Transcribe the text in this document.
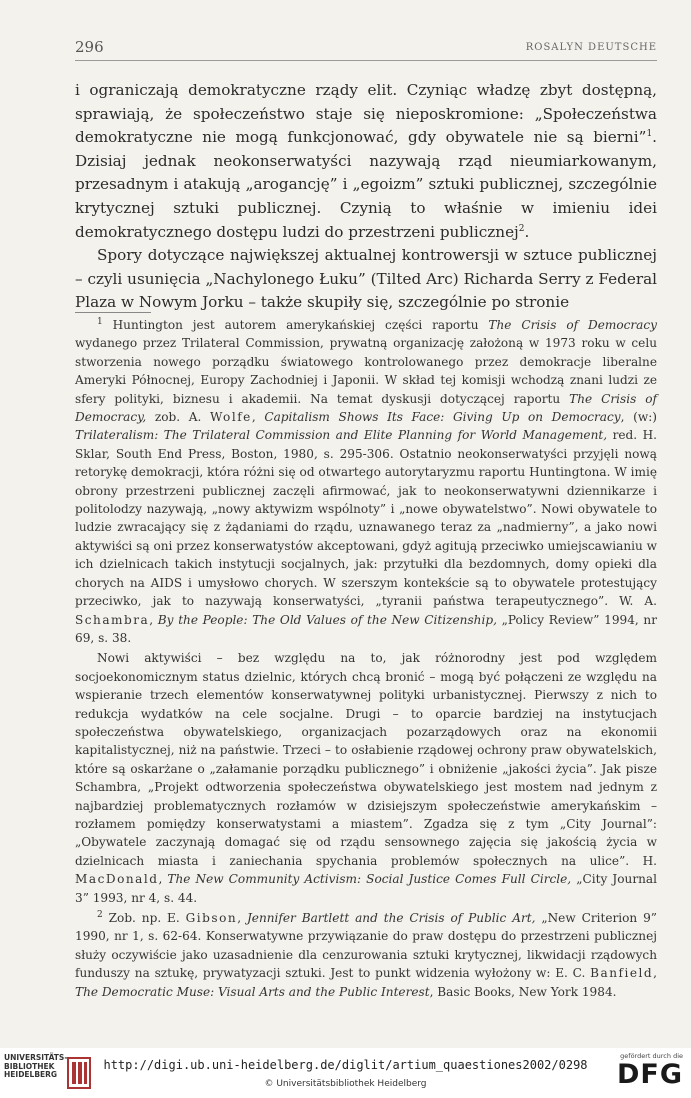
296	ROSALYN DEUTSCHE

i ograniczają demokratyczne rządy elit. Czyniąc władzę zbyt dostępną, sprawiają, że społeczeństwo staje się nieposkromione: „Społeczeństwa demokratyczne nie mogą funkcjonować, gdy obywatele nie są bierni”$^1$. Dzisiaj jednak neokonserwatyści nazywają rząd nieumiarkowanym, przesadnym i atakują „arogancję” i „egoizm” sztuki publicznej, szczególnie krytycznej sztuki publicznej. Czynią to właśnie w imieniu idei demokratycznego dostępu ludzi do przestrzeni publicznej$^2$.

Spory dotyczące największej aktualnej kontrowersji w sztuce publicznej – czyli usunięcia „Nachylonego Łuku” (Tilted Arc) Richarda Serry z Federal Plaza w Nowym Jorku – także skupiły się, szczególnie po stronie

$^1$ Huntington jest autorem amerykańskiej części raportu The Crisis of Democracy wydanego przez Trilateral Commission, prywatną organizację założoną w 1973 roku w celu stworzenia nowego porządku światowego kontrolowanego przez demokracje liberalne Ameryki Północnej, Europy Zachodniej i Japonii. W skład tej komisji wchodzą znani ludzi ze sfery polityki, biznesu i akademii. Na temat dyskusji dotyczącej raportu The Crisis of Democracy, zob. A. Wolfe, Capitalism Shows Its Face: Giving Up on Democracy, (w:) Trilateralism: The Trilateral Commission and Elite Planning for World Management, red. H. Sklar, South End Press, Boston, 1980, s. 295-306. Ostatnio neokonserwatyści przyjęli nową retorykę demokracji, która różni się od otwartego autorytaryzmu raportu Huntingtona. W imię obrony przestrzeni publicznej zaczęli afirmować, jak to neokonserwatywni dziennikarze i politolodzy nazywają, „nowy aktywizm wspólnoty” i „nowe obywatelstwo”. Nowi obywatele to ludzie zwracający się z żądaniami do rządu, uznawanego teraz za „nadmierny”, a jako nowi aktywiści są oni przez konserwatystów akceptowani, gdyż agitują przeciwko umiejscawianiu w ich dzielnicach takich instytucji socjalnych, jak: przytułki dla bezdomnych, domy opieki dla chorych na AIDS i umysłowo chorych. W szerszym kontekście są to obywatele protestujący przeciwko, jak to nazywają konserwatyści, „tyranii państwa terapeutycznego”. W. A. Schambra, By the People: The Old Values of the New Citizenship, „Policy Review” 1994, nr 69, s. 38.

Nowi aktywiści – bez względu na to, jak różnorodny jest pod względem socjoekonomicznym status dzielnic, których chcą bronić – mogą być połączeni ze względu na wspieranie trzech elementów konserwatywnej polityki urbanistycznej. Pierwszy z nich to redukcja wydatków na cele socjalne. Drugi – to oparcie bardziej na instytucjach społeczeństwa obywatelskiego, organizacjach pozarządowych oraz na ekonomii kapitalistycznej, niż na państwie. Trzeci – to osłabienie rządowej ochrony praw obywatelskich, które są oskarżane o „załamanie porządku publicznego” i obniżenie „jakości życia”. Jak pisze Schambra, „Projekt odtworzenia społeczeństwa obywatelskiego jest mostem nad jednym z najbardziej problematycznych rozłamów w dzisiejszym społeczeństwie amerykańskim – rozłamem pomiędzy konserwatystami a miastem”. Zgadza się z tym „City Journal”: „Obywatele zaczynają domagać się od rządu sensownego zajęcia się jakością życia w dzielnicach miasta i zaniechania spychania problemów społecznych na ulice”. H. MacDonald, The New Community Activism: Social Justice Comes Full Circle, „City Journal 3” 1993, nr 4, s. 44.

$^2$ Zob. np. E. Gibson, Jennifer Bartlett and the Crisis of Public Art, „New Criterion 9” 1990, nr 1, s. 62-64. Konserwatywne przywiązanie do praw dostępu do przestrzeni publicznej służy oczywiście jako uzasadnienie dla cenzurowania sztuki krytycznej, likwidacji rządowych funduszy na sztukę, prywatyzacji sztuki. Jest to punkt widzenia wyłożony w: E. C. Banfield, The Democratic Muse: Visual Arts and the Public Interest, Basic Books, New York 1984.

UNIVERSITÄTS-
BIBLIOTHEK
HEIDELBERG
http://digi.ub.uni-heidelberg.de/diglit/artium_quaestiones2002/0298
© Universitätsbibliothek Heidelberg
gefördert durch die
DFG
